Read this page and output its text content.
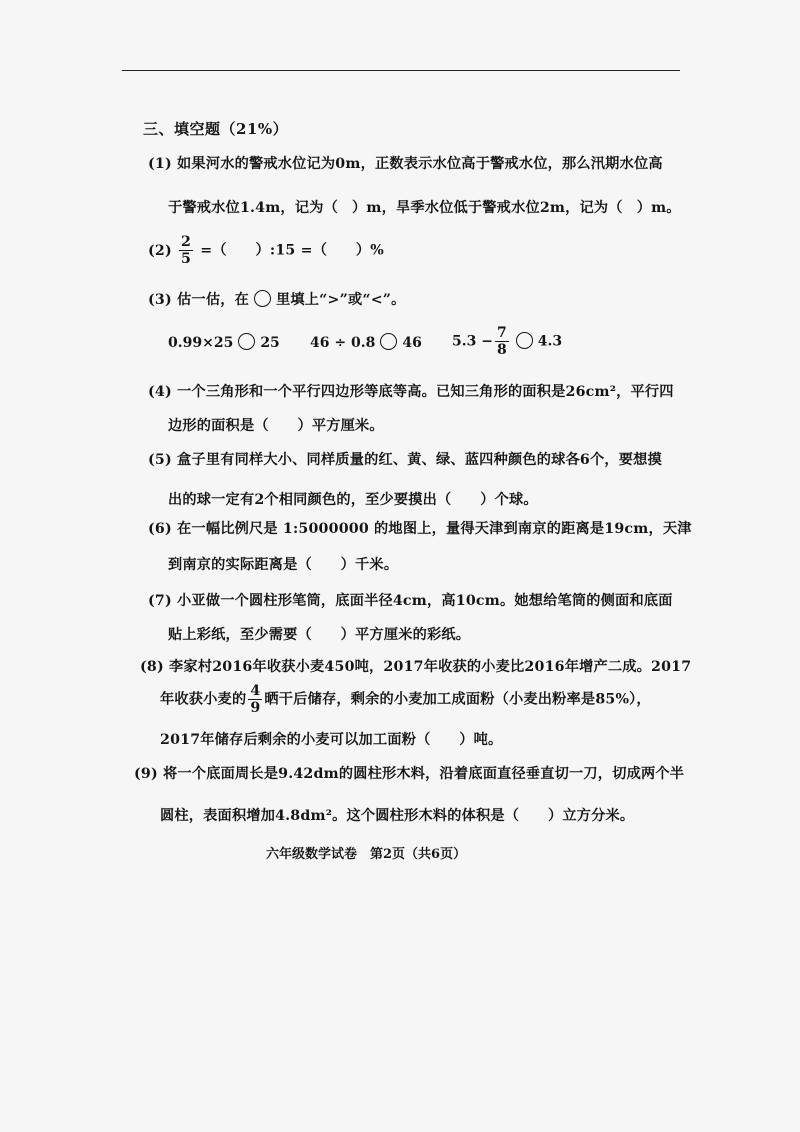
三、填空题（21%）
(1) 如果河水的警戒水位记为0m，正数表示水位高于警戒水位，那么汛期水位高
于警戒水位1.4m，记为（ ）m，旱季水位低于警戒水位2m，记为（ ）m。
$(2) \frac{2}{5}$ =（　　）:15 =（　　）%
(3) 估一估，在 里填上“>”或“<”。
0.99×25 25 46 ÷ 0.8 46 $5.3 - \frac{7}{8} 4.3$
(4) 一个三角形和一个平行四边形等底等高。已知三角形的面积是26cm²，平行四
边形的面积是（　　）平方厘米。
(5) 盒子里有同样大小、同样质量的红、黄、绿、蓝四种颜色的球各6个，要想摸
出的球一定有2个相同颜色的，至少要摸出（　　）个球。
(6) 在一幅比例尺是 1:5000000 的地图上，量得天津到南京的距离是19cm，天津
到南京的实际距离是（　　）千米。
(7) 小亚做一个圆柱形笔筒，底面半径4cm，高10cm。她想给笔筒的侧面和底面
贴上彩纸，至少需要（　　）平方厘米的彩纸。
(8) 李家村2016年收获小麦450吨，2017年收获的小麦比2016年增产二成。2017
年收获小麦的 $\frac{4}{9}$ 晒干后储存，剩余的小麦加工成面粉（小麦出粉率是85%），
2017年储存后剩余的小麦可以加工面粉（　　）吨。
(9) 将一个底面周长是9.42dm的圆柱形木料，沿着底面直径垂直切一刀，切成两个半
圆柱，表面积增加4.8dm²。这个圆柱形木料的体积是（　　）立方分米。
六年级数学试卷　第2页（共6页）
